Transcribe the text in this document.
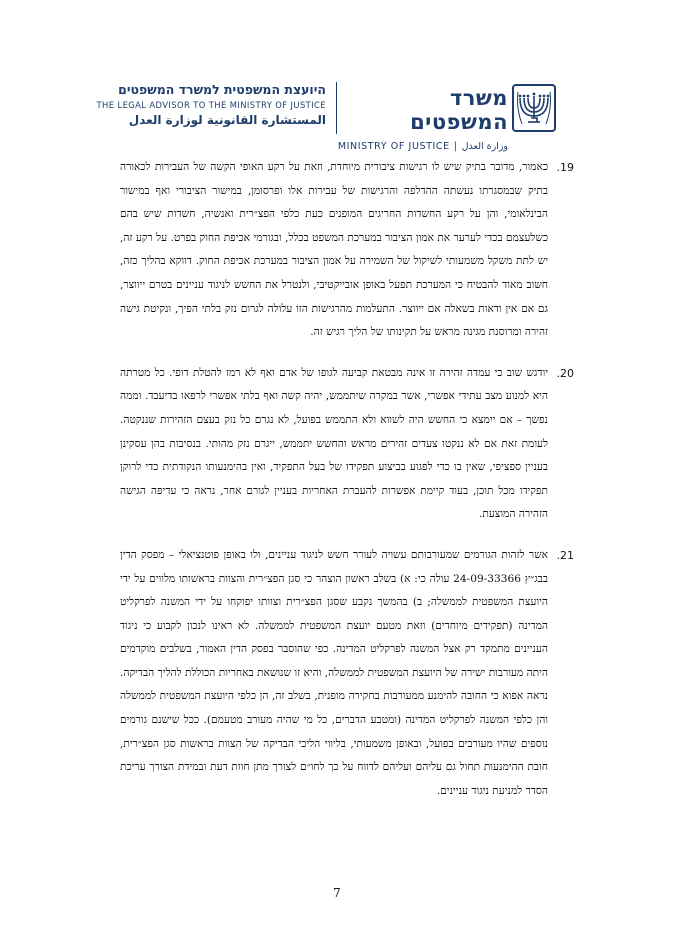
משרד המשפטים
MINISTRY OF JUSTICE | وزارة العدل
היועצת המשפטית למשרד המשפטים
THE LEGAL ADVISOR TO THE MINISTRY OF JUSTICE
المستشارة القانونية لوزارة العدل
19.
כאמור, מדובר בתיק שיש לו רגישות ציבורית מיוחדת, וזאת על רקע האופי הקשה של העבירות לכאורה בתיק שבמסגרתו נעשתה ההדלפה והרגישות של עבירות אלו ופרסומן, במישור הציבורי ואף במישור הבינלאומי, והן על רקע החשדות החריגים המופנים כעת כלפי הפצ״רית ואנשיה, חשדות שיש בהם כשלעצמם בכדי לערער את אמון הציבור במערכת המשפט בכלל, ובגורמי אכיפת החוק בפרט. על רקע זה, יש לתת משקל משמעותי לשיקול של השמירה על אמון הציבור במערכת אכיפת החוק. דווקא בהליך כזה, חשוב מאוד להבטיח כי המערכת תפעל באופן אובייקטיבי, ולנטרל את החשש לניגוד עניינים בטרם ייווצר, גם אם אין ודאות בשאלה אם ייווצר. התעלמות מהרגישות הזו עלולה לגרום נזק בלתי הפיך, ונקיטת גישה זהירה ומרוסנת מגינה מראש על תקינותו של הליך רגיש זה.
20.
יודגש שוב כי עמדה זהירה זו אינה מבטאת קביעה לגופו של אדם ואף לא רמז להטלת דופי. כל מטרתה היא למנוע מצב עתידי אפשרי, אשר במקרה שיתממש, יהיה קשה ואף בלתי אפשרי לרפאו בדיעבד. וממה נפשך – אם ייִמצא כי החשש היה לשווא ולא התממש בפועל, לא נגרם כל נזק בעצם הזהירות שננקטה. לעומת זאת אם לא ננקטו צעדים זהירים מראש והחשש יתממש, ייגרם נזק מהותי. בנסיבות בהן עסקינן בעניין ספציפי, שאין בו כדי לפגוע בביצוע תפקידו של בעל התפקיד, ואין בהימנעותו הנקודתית כדי לרוקן תפקידו מכל תוכן, בעוד קיימת אפשרות להעברת האחריות בעניין לגורם אחר, נראה כי עדיפה הגישה הזהירה המוצעת.
21.
אשר לזהות הגורמים שמעורבותם עשויה לעורר חשש לניגוד עניינים, ולו באופן פוטנציאלי – מפסק הדין בבג״ץ 24-09-33366 עולה כי: א) בשלב ראשון הוצהר כי סגן הפצ״רית והצוות בראשותו מלווים על ידי היועצת המשפטית לממשלה; ב) בהמשך נקבע שסגן הפצ״רית וצוותו יפוקחו על ידי המשנה לפרקליט המדינה (תפקידים מיוחדים) וזאת מטעם יועצת המשפטית לממשלה. לא ראינו לנכון לקבוע כי ניגוד העניינים מתמקד רק אצל המשנה לפרקליט המדינה. כפי שהוסבר בפסק הדין האמור, בשלבים מוקדמים היתה מעורבות ישירה של היועצת המשפטית לממשלה, והיא זו שנושאת באחריות הכוללת להליך הבדיקה. נראה אפוא כי החובה להימנע ממעורבות בחקירה מופנית, בשלב זה, הן כלפי היועצת המשפטית לממשלה והן כלפי המשנה לפרקליט המדינה (ומטבע הדברים, כל מי שהיה מעורב מטעמם). ככל שישנם גורמים נוספים שהיו מעורבים בפועל, ובאופן משמעותי, בליווי הליכי הבדיקה של הצוות בראשות סגן הפצ״רית, חובת ההימנעות תחול גם עליהם ועליהם לדווח על כך לחו״ם לצורך מתן חוות דעת ובמידת הצורך עריכת הסדר למניעת ניגוד עניינים.
7
